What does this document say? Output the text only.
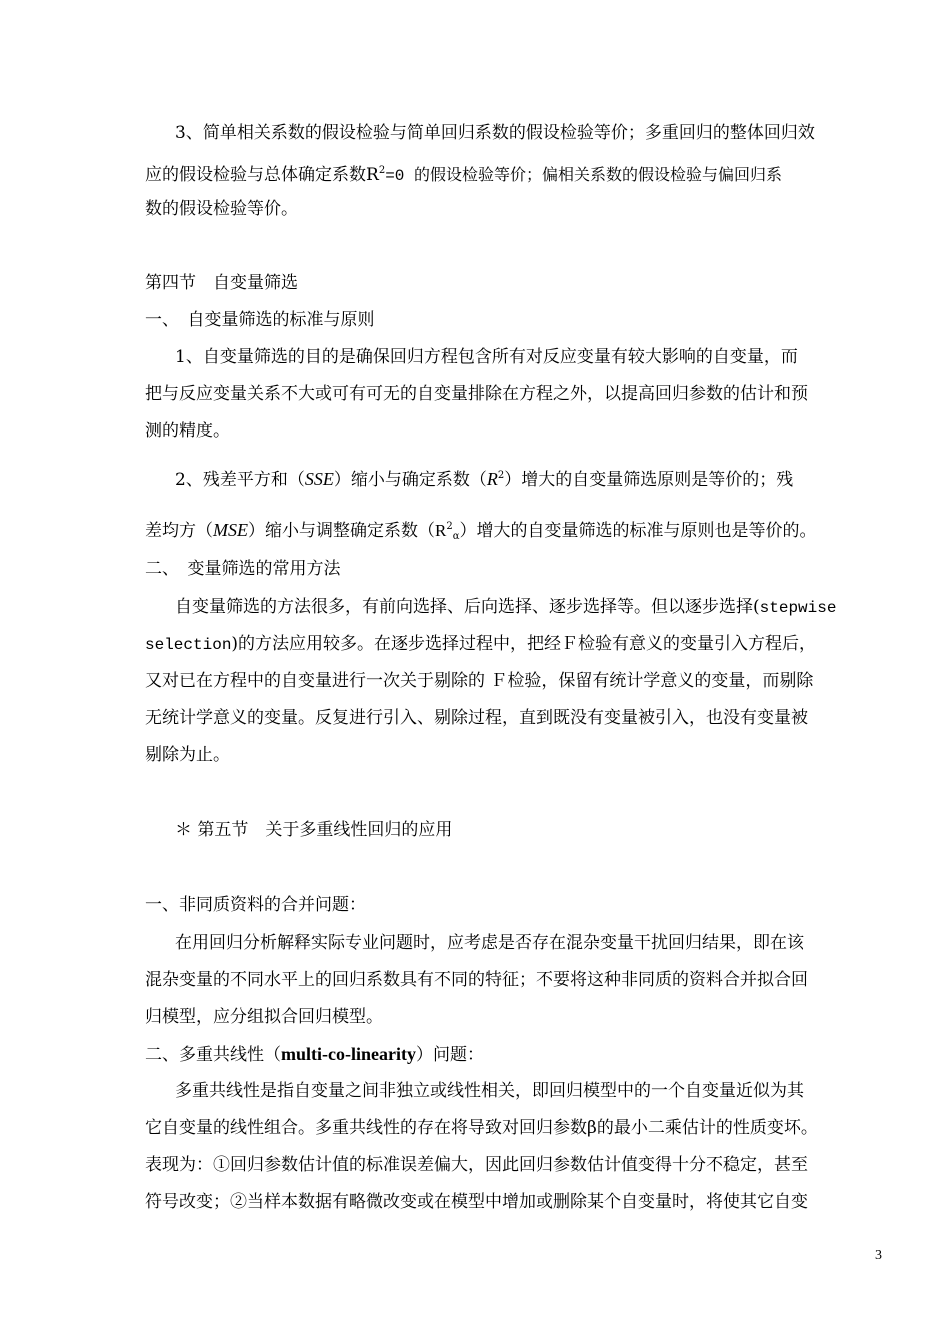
3、简单相关系数的假设检验与简单回归系数的假设检验等价；多重回归的整体回归效
应的假设检验与总体确定系数$R^2=0$ 的假设检验等价；偏相关系数的假设检验与偏回归系
数的假设检验等价。
第四节　自变量筛选
一、　自变量筛选的标准与原则
1、自变量筛选的目的是确保回归方程包含所有对反应变量有较大影响的自变量，而
把与反应变量关系不大或可有可无的自变量排除在方程之外，以提高回归参数的估计和预
测的精度。
2、残差平方和（SSE）缩小与确定系数$(R^2)$增大的自变量筛选原则是等价的；残
差均方（MSE）缩小与调整确定系数$(R^2_\alpha)$增大的自变量筛选的标准与原则也是等价的。
二、　变量筛选的常用方法
自变量筛选的方法很多，有前向选择、后向选择、逐步选择等。但以逐步选择(stepwise
selection)的方法应用较多。在逐步选择过程中，把经Ｆ检验有意义的变量引入方程后，
又对已在方程中的自变量进行一次关于剔除的 Ｆ检验，保留有统计学意义的变量，而剔除
无统计学意义的变量。反复进行引入、剔除过程，直到既没有变量被引入，也没有变量被
剔除为止。
＊ 第五节　关于多重线性回归的应用
一、非同质资料的合并问题：
在用回归分析解释实际专业问题时，应考虑是否存在混杂变量干扰回归结果，即在该
混杂变量的不同水平上的回归系数具有不同的特征；不要将这种非同质的资料合并拟合回
归模型，应分组拟合回归模型。
二、多重共线性（multi-co-linearity）问题：
多重共线性是指自变量之间非独立或线性相关，即回归模型中的一个自变量近似为其
它自变量的线性组合。多重共线性的存在将导致对回归参数β的最小二乘估计的性质变坏。
表现为：①回归参数估计值的标准误差偏大，因此回归参数估计值变得十分不稳定，甚至
符号改变；②当样本数据有略微改变或在模型中增加或删除某个自变量时，将使其它自变
3
